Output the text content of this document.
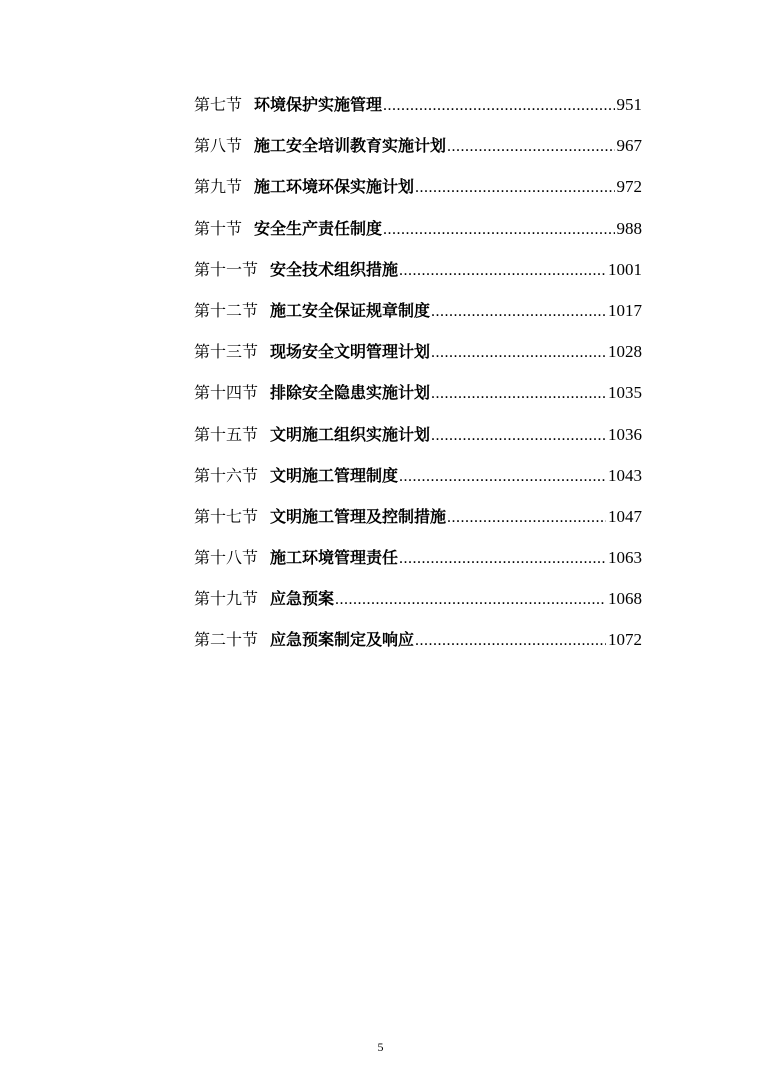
第七节 环境保护实施管理 .....	951
第八节 施工安全培训教育实施计划 .....	967
第九节 施工环境环保实施计划 .....	972
第十节 安全生产责任制度 .....	988
第十一节 安全技术组织措施 .....	1001
第十二节 施工安全保证规章制度 .....	1017
第十三节 现场安全文明管理计划 .....	1028
第十四节 排除安全隐患实施计划 .....	1035
第十五节 文明施工组织实施计划 .....	1036
第十六节 文明施工管理制度 .....	1043
第十七节 文明施工管理及控制措施 .....	1047
第十八节 施工环境管理责任 .....	1063
第十九节 应急预案 .....	1068
第二十节 应急预案制定及响应 .....	1072
5
